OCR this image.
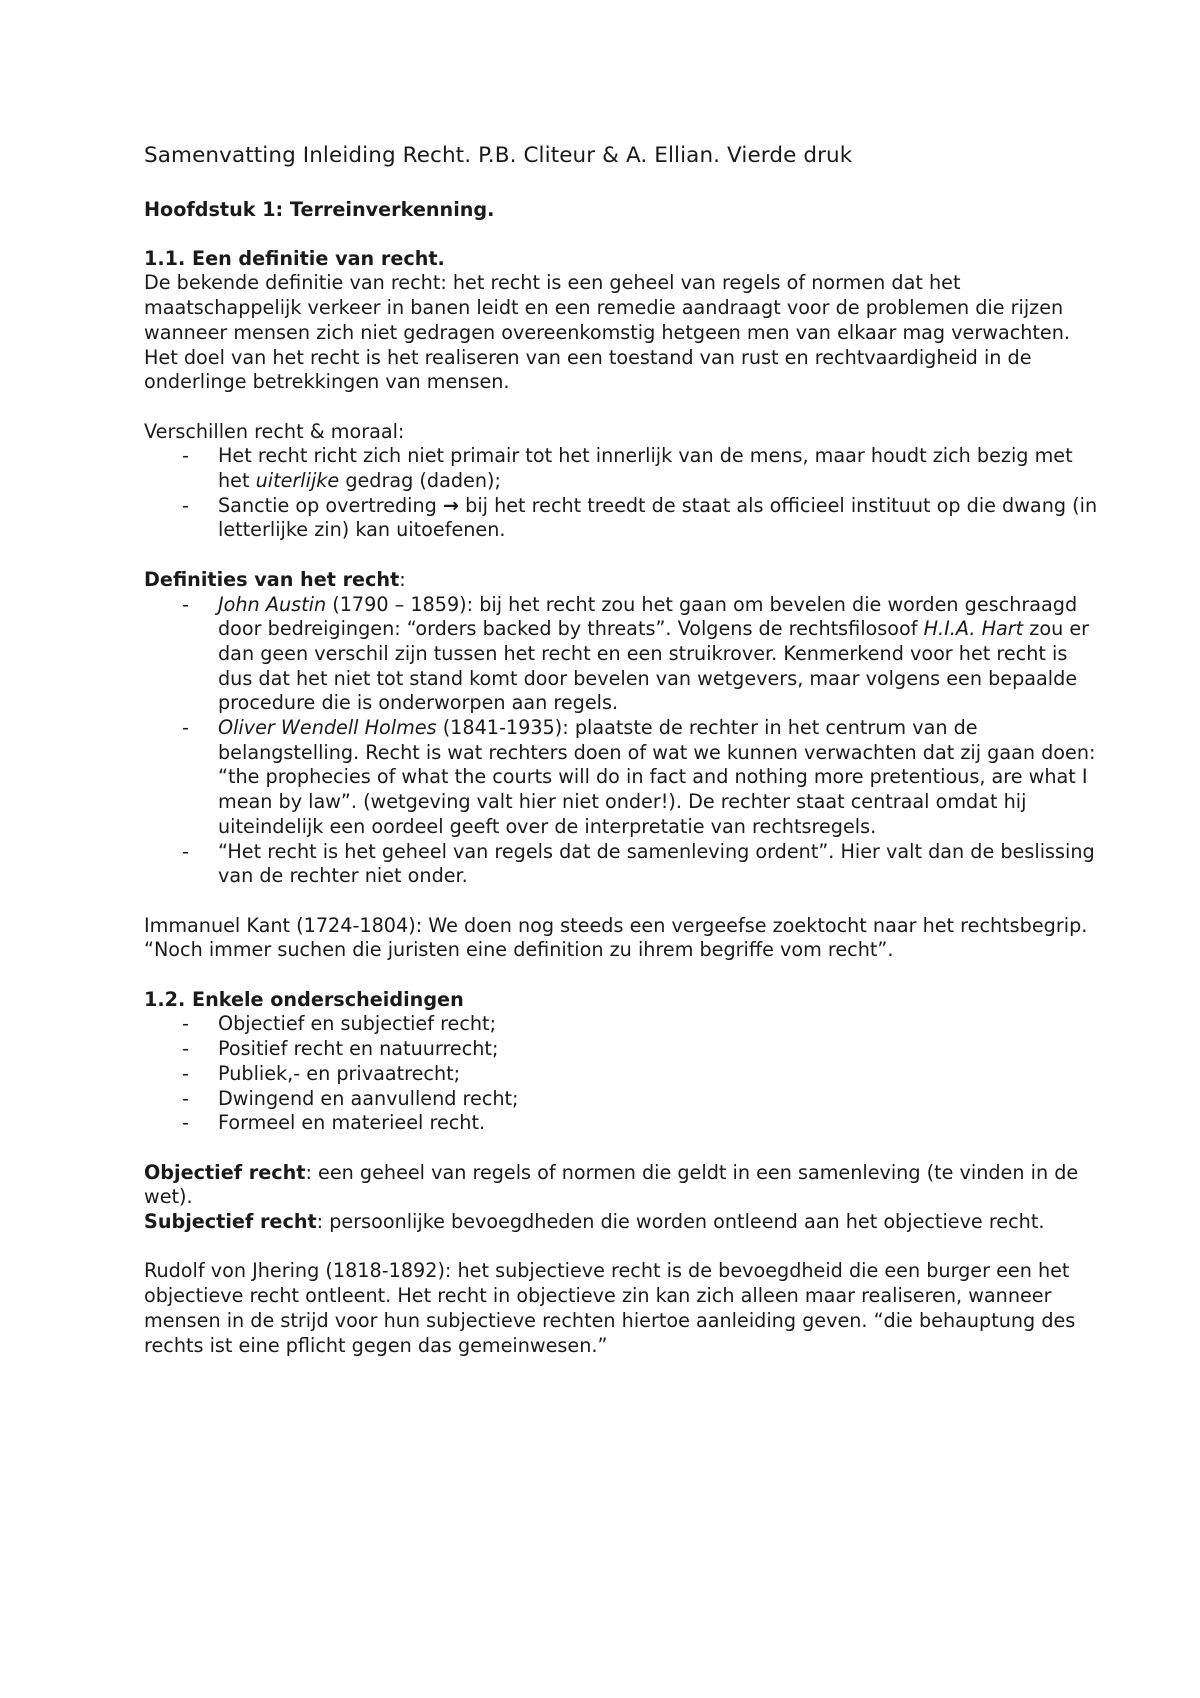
Samenvatting Inleiding Recht. P.B. Cliteur & A. Ellian. Vierde druk
Hoofdstuk 1: Terreinverkenning.
1.1. Een definitie van recht.

De bekende definitie van recht: het recht is een geheel van regels of normen dat het maatschappelijk verkeer in banen leidt en een remedie aandraagt voor de problemen die rijzen wanneer mensen zich niet gedragen overeenkomstig hetgeen men van elkaar mag verwachten.

Het doel van het recht is het realiseren van een toestand van rust en rechtvaardigheid in de onderlinge betrekkingen van mensen.

Verschillen recht & moraal:

- Het recht richt zich niet primair tot het innerlijk van de mens, maar houdt zich bezig met het uiterlijke gedrag (daden);
- Sanctie op overtreding → bij het recht treedt de staat als officieel instituut op die dwang (in letterlijke zin) kan uitoefenen.

Definities van het recht:

- John Austin (1790 – 1859): bij het recht zou het gaan om bevelen die worden geschraagd door bedreigingen: “orders backed by threats”. Volgens de rechtsfilosoof H.I.A. Hart zou er dan geen verschil zijn tussen het recht en een struikrover. Kenmerkend voor het recht is dus dat het niet tot stand komt door bevelen van wetgevers, maar volgens een bepaalde procedure die is onderworpen aan regels.
- Oliver Wendell Holmes (1841-1935): plaatste de rechter in het centrum van de belangstelling. Recht is wat rechters doen of wat we kunnen verwachten dat zij gaan doen: “the prophecies of what the courts will do in fact and nothing more pretentious, are what I mean by law”. (wetgeving valt hier niet onder!). De rechter staat centraal omdat hij uiteindelijk een oordeel geeft over de interpretatie van rechtsregels.
- “Het recht is het geheel van regels dat de samenleving ordent”. Hier valt dan de beslissing van de rechter niet onder.

Immanuel Kant (1724-1804): We doen nog steeds een vergeefse zoektocht naar het rechtsbegrip. “Noch immer suchen die juristen eine definition zu ihrem begriffe vom recht”.

1.2. Enkele onderscheidingen
- Objectief en subjectief recht;
- Positief recht en natuurrecht;
- Publiek,- en privaatrecht;
- Dwingend en aanvullend recht;
- Formeel en materieel recht.

Objectief recht: een geheel van regels of normen die geldt in een samenleving (te vinden in de wet).

Subjectief recht: persoonlijke bevoegdheden die worden ontleend aan het objectieve recht.

Rudolf von Jhering (1818-1892): het subjectieve recht is de bevoegdheid die een burger een het objectieve recht ontleent. Het recht in objectieve zin kan zich alleen maar realiseren, wanneer mensen in de strijd voor hun subjectieve rechten hiertoe aanleiding geven. “die behauptung des rechts ist eine pflicht gegen das gemeinwesen.”
